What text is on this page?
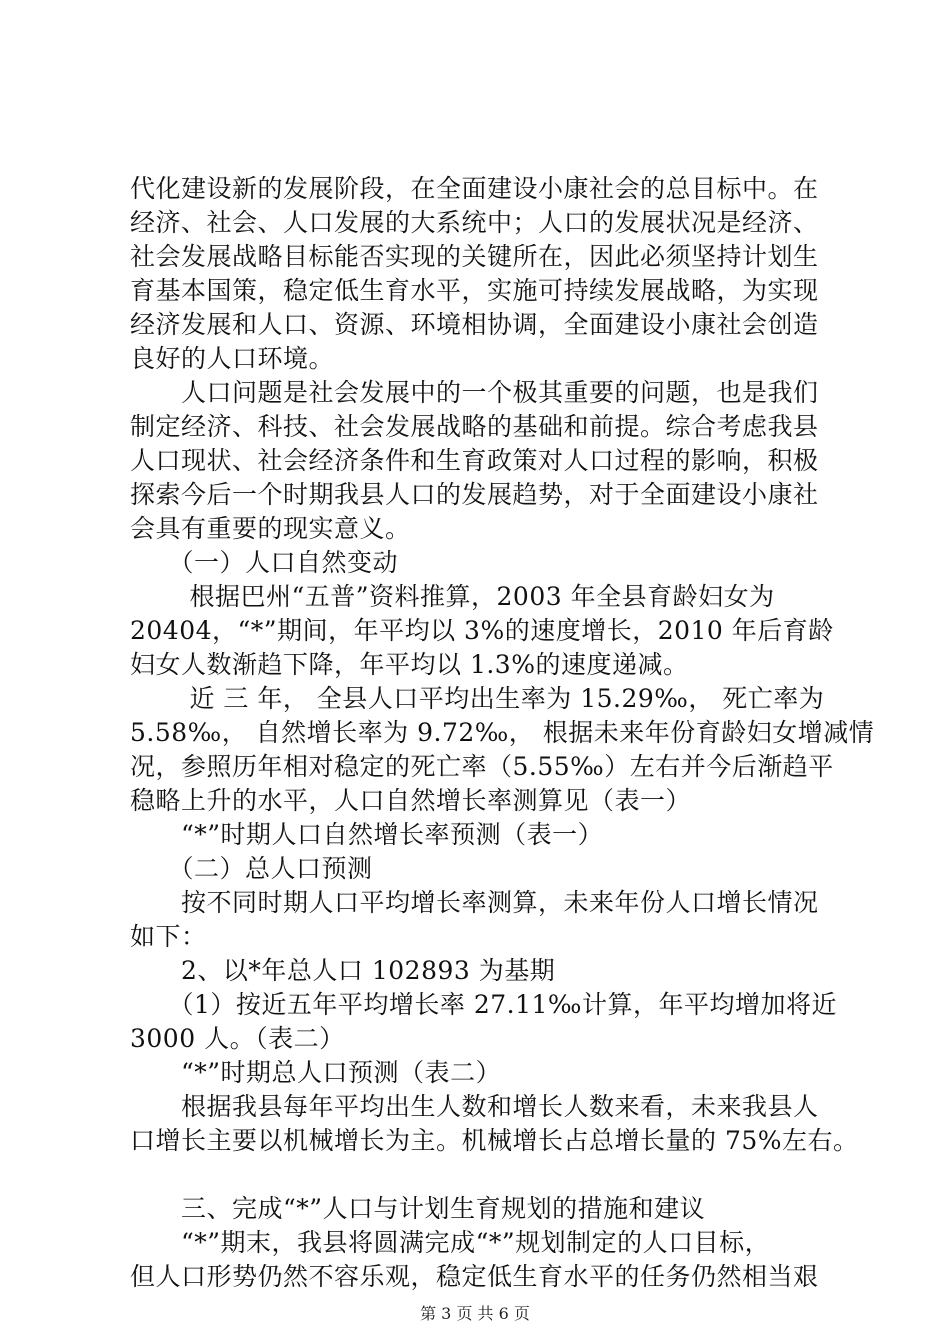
代化建设新的发展阶段，在全面建设小康社会的总目标中。在
经济、社会、人口发展的大系统中；人口的发展状况是经济、
社会发展战略目标能否实现的关键所在，因此必须坚持计划生
育基本国策，稳定低生育水平，实施可持续发展战略，为实现
经济发展和人口、资源、环境相协调，全面建设小康社会创造
良好的人口环境。
　　人口问题是社会发展中的一个极其重要的问题，也是我们
制定经济、科技、社会发展战略的基础和前提。综合考虑我县
人口现状、社会经济条件和生育政策对人口过程的影响，积极
探索今后一个时期我县人口的发展趋势，对于全面建设小康社
会具有重要的现实意义。
　　（一）人口自然变动
　　 根据巴州“五普”资料推算，2003 年全县育龄妇女为
20404，“*”期间，年平均以 3%的速度增长，2010 年后育龄
妇女人数渐趋下降，年平均以 1.3%的速度递减。
　　 近 三 年， 全县人口平均出生率为 15.29‰， 死亡率为
5.58‰， 自然增长率为 9.72‰， 根据未来年份育龄妇女增减情
况，参照历年相对稳定的死亡率（5.55‰）左右并今后渐趋平
稳略上升的水平，人口自然增长率测算见（表一）
　　“*”时期人口自然增长率预测（表一）
　　（二）总人口预测
　　按不同时期人口平均增长率测算，未来年份人口增长情况
如下：
　　2、以*年总人口 102893 为基期
　　（1）按近五年平均增长率 27.11‰计算，年平均增加将近
3000 人。（表二）
　　“*”时期总人口预测（表二）
　　根据我县每年平均出生人数和增长人数来看，未来我县人
口增长主要以机械增长为主。机械增长占总增长量的 75%左右。
　　三、完成“*”人口与计划生育规划的措施和建议
　　“*”期末，我县将圆满完成“*”规划制定的人口目标，
但人口形势仍然不容乐观，稳定低生育水平的任务仍然相当艰
第 3 页 共 6 页
